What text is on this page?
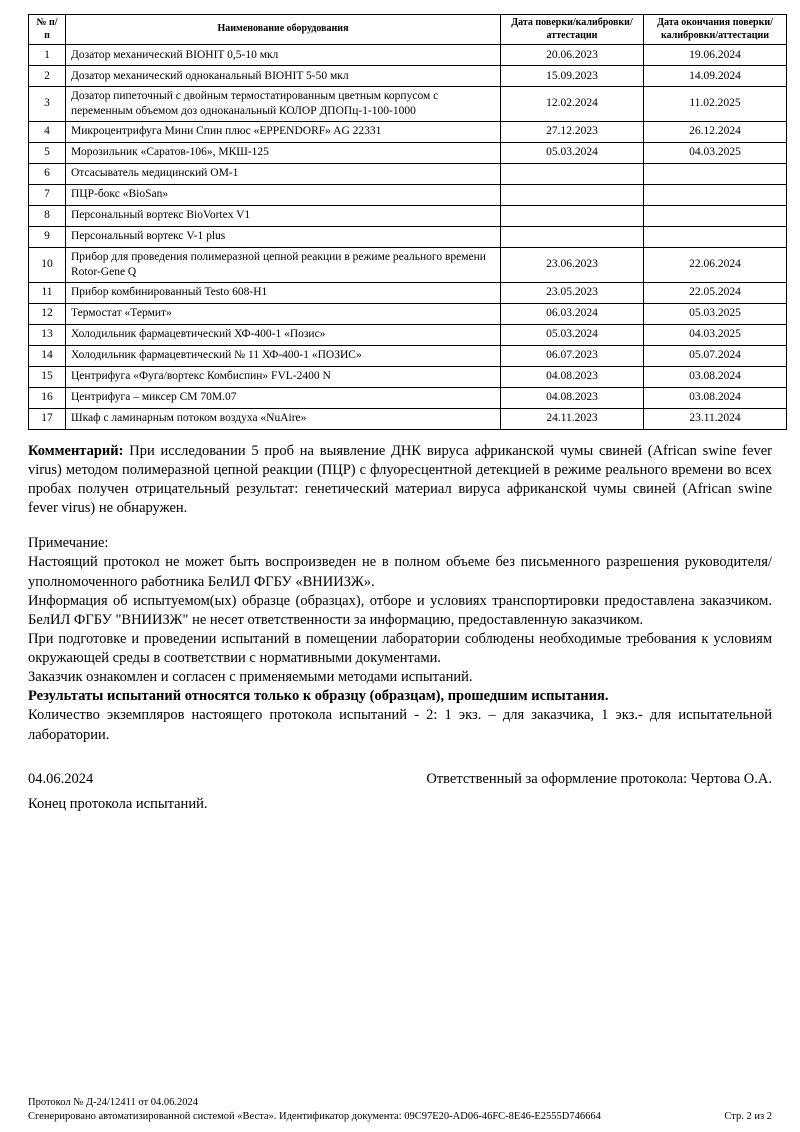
№ п/п	Наименование оборудования	Дата поверки/калибровки/аттестации	Дата окончания поверки/калибровки/аттестации
1	Дозатор механический BIOHIT 0,5-10 мкл	20.06.2023	19.06.2024
2	Дозатор механический одноканальный BIOHIT 5-50 мкл	15.09.2023	14.09.2024
3	Дозатор пипеточный с двойным термостатированным цветным корпусом с переменным объемом доз одноканальный КОЛОР ДПОПц-1-100-1000	12.02.2024	11.02.2025
4	Микроцентрифуга Мини Спин плюс «EPPENDORF» AG 22331	27.12.2023	26.12.2024
5	Морозильник «Саратов-106», МКШ-125	05.03.2024	04.03.2025
6	Отсасыватель медицинский ОМ-1		
7	ПЦР-бокс «BioSan»		
8	Персональный вортекс BioVortex V1		
9	Персональный вортекс V-1 plus		
10	Прибор для проведения полимеразной цепной реакции в режиме реального времени Rotor-Gene Q	23.06.2023	22.06.2024
11	Прибор комбинированный Testo 608-H1	23.05.2023	22.05.2024
12	Термостат «Термит»	06.03.2024	05.03.2025
13	Холодильник фармацевтический ХФ-400-1 «Позис»	05.03.2024	04.03.2025
14	Холодильник фармацевтический № 11 ХФ-400-1 «ПОЗИС»	06.07.2023	05.07.2024
15	Центрифуга «Фуга/вортекс Комбиспин» FVL-2400 N	04.08.2023	03.08.2024
16	Центрифуга – миксер СМ 70М.07	04.08.2023	03.08.2024
17	Шкаф с ламинарным потоком воздуха «NuAire»	24.11.2023	23.11.2024
Комментарий: При исследовании 5 проб на выявление ДНК вируса африканской чумы свиней (African swine fever virus) методом полимеразной цепной реакции (ПЦР) с флуоресцентной детекцией в режиме реального времени во всех пробах получен отрицательный результат: генетический материал вируса африканской чумы свиней (African swine fever virus) не обнаружен.

Примечание:

Настоящий протокол не может быть воспроизведен не в полном объеме без письменного разрешения руководителя/уполномоченного работника БелИЛ ФГБУ «ВНИИЗЖ».

Информация об испытуемом(ых) образце (образцах), отборе и условиях транспортировки предоставлена заказчиком. БелИЛ ФГБУ "ВНИИЗЖ" не несет ответственности за информацию, предоставленную заказчиком.

При подготовке и проведении испытаний в помещении лаборатории соблюдены необходимые требования к условиям окружающей среды в соответствии с нормативными документами.

Заказчик ознакомлен и согласен с применяемыми методами испытаний.

Результаты испытаний относятся только к образцу (образцам), прошедшим испытания.

Количество экземпляров настоящего протокола испытаний - 2: 1 экз. – для заказчика, 1 экз.- для испытательной лаборатории.

04.06.2024	Ответственный за оформление протокола: Чертова О.А.
Конец протокола испытаний.
Протокол № Д-24/12411 от 04.06.2024
Сгенерировано автоматизированной системой «Веста». Идентификатор документа: 09C97E20-AD06-46FC-8E46-E2555D746664	Стр. 2 из 2
